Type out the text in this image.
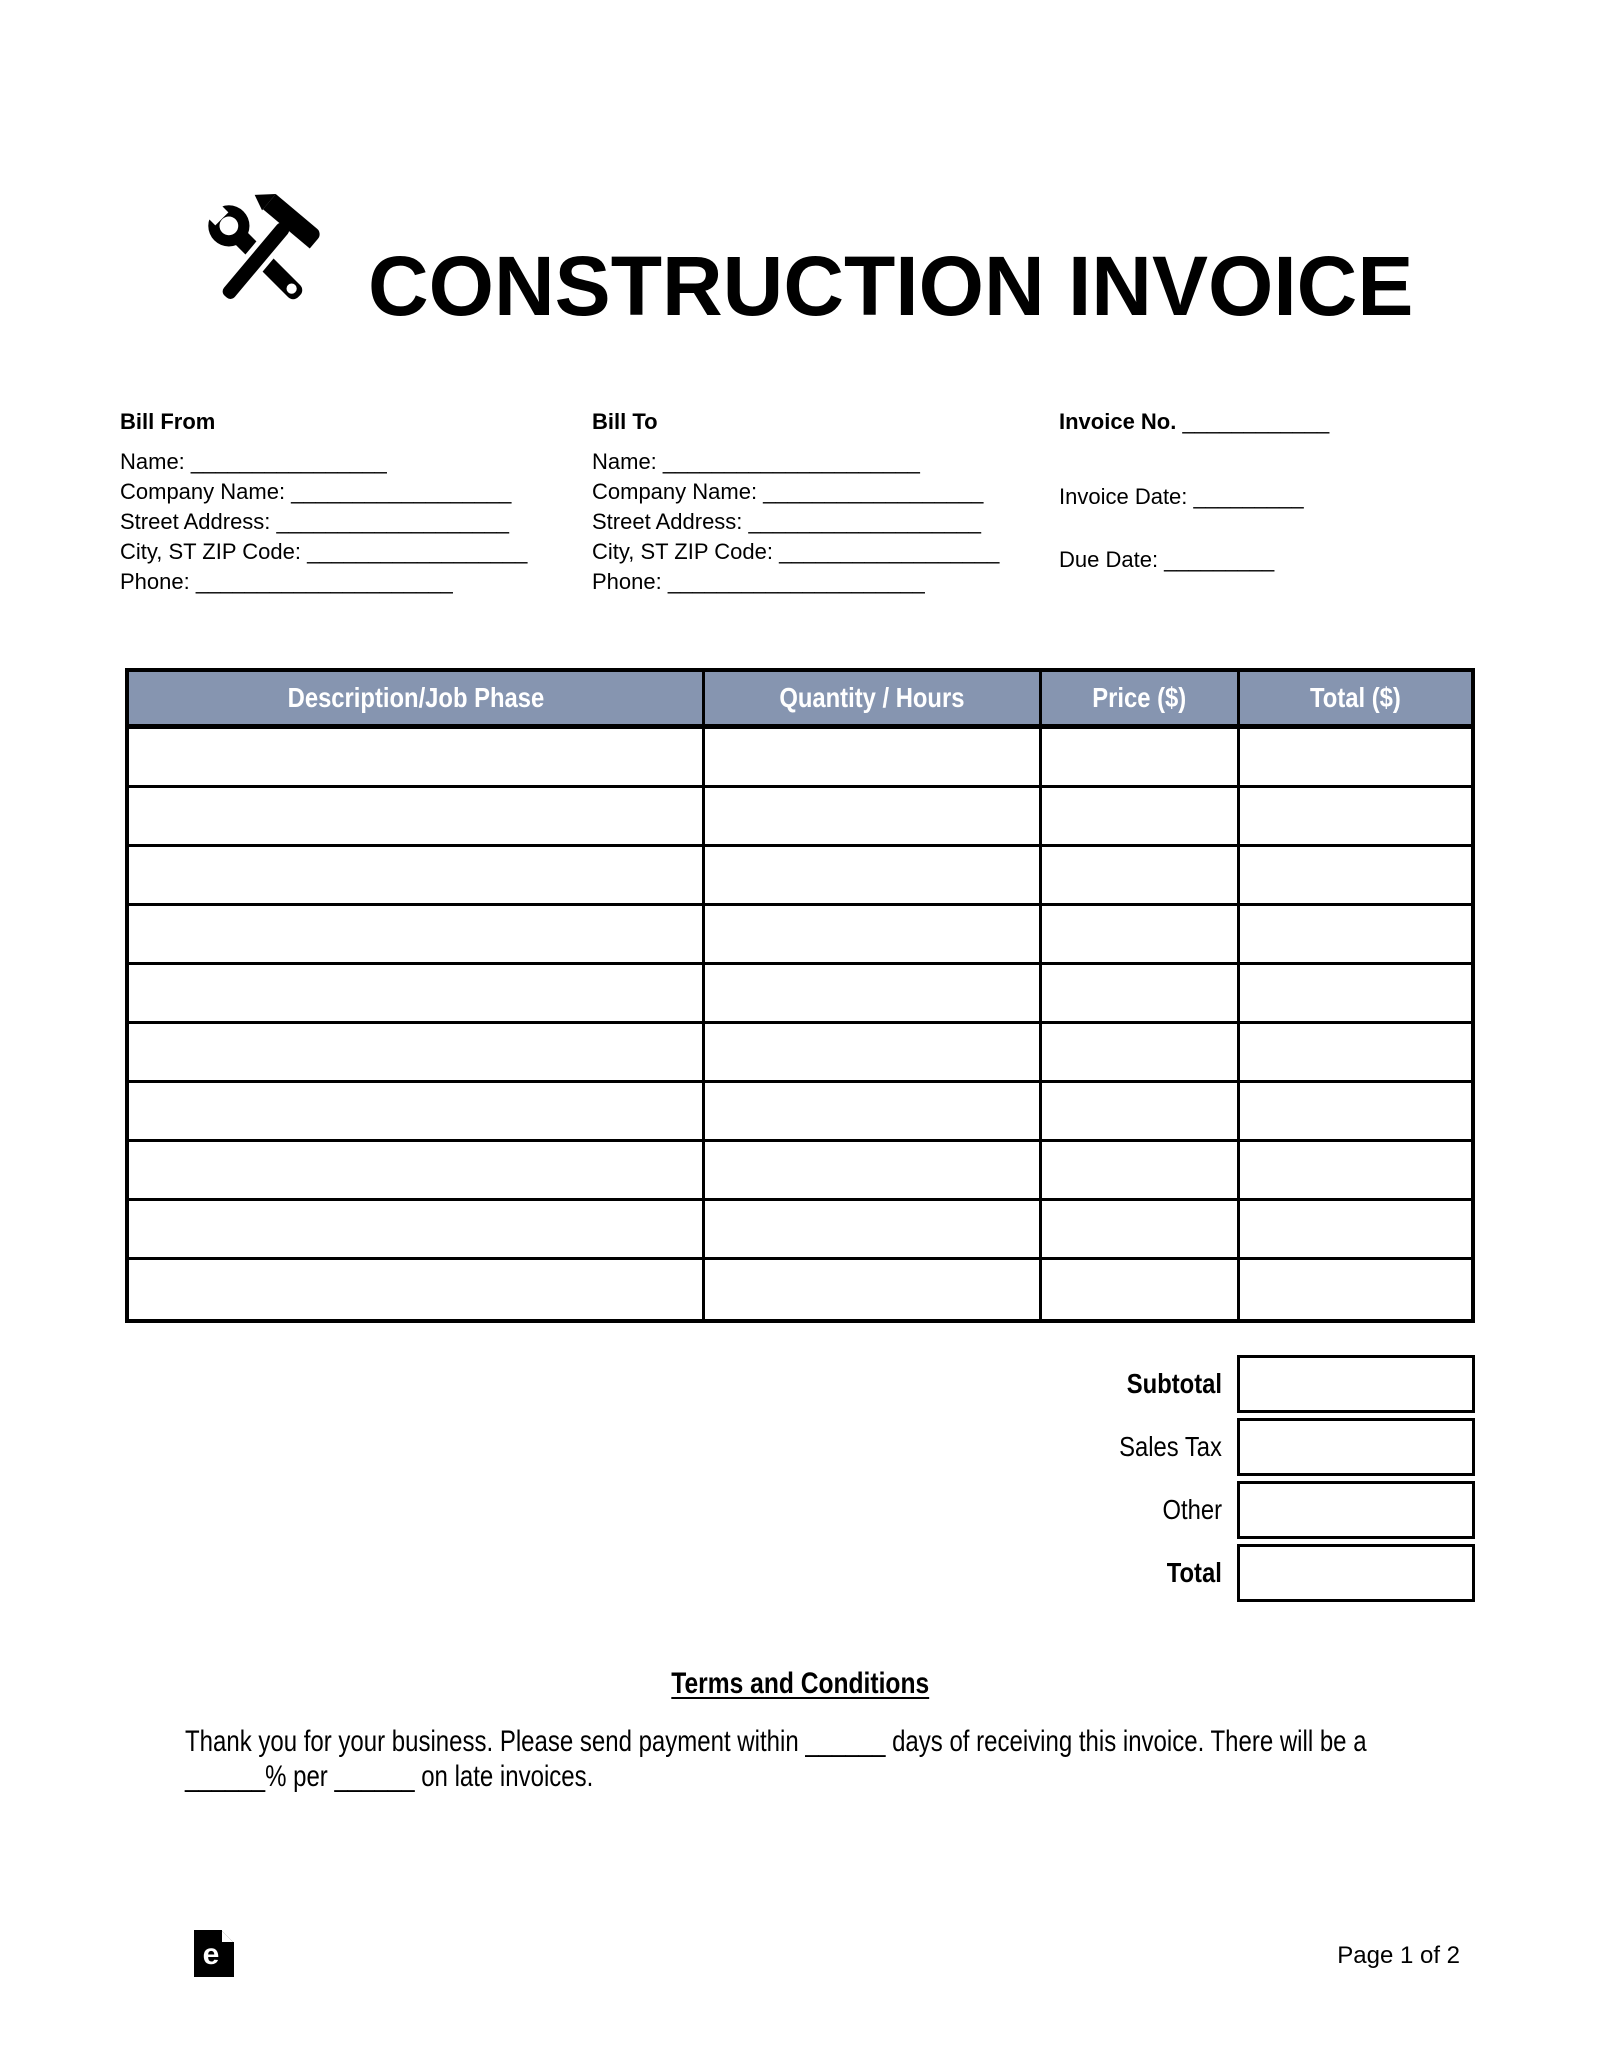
CONSTRUCTION INVOICE
Bill From
Name: ________________
Company Name: __________________
Street Address: ___________________
City, ST ZIP Code: __________________
Phone: _____________________
Bill To
Name: _____________________
Company Name: __________________
Street Address: ___________________
City, ST ZIP Code: __________________
Phone: _____________________
Invoice No. ____________
Invoice Date: _________
Due Date: _________
Description/Job Phase	Quantity / Hours	Price ($)	Total ($)
Subtotal
Sales Tax
Other
Total
Terms and Conditions
Thank you for your business. Please send payment within ______ days of receiving this invoice. There will be a ______% per ______ on late invoices.
e	Page 1 of 2
